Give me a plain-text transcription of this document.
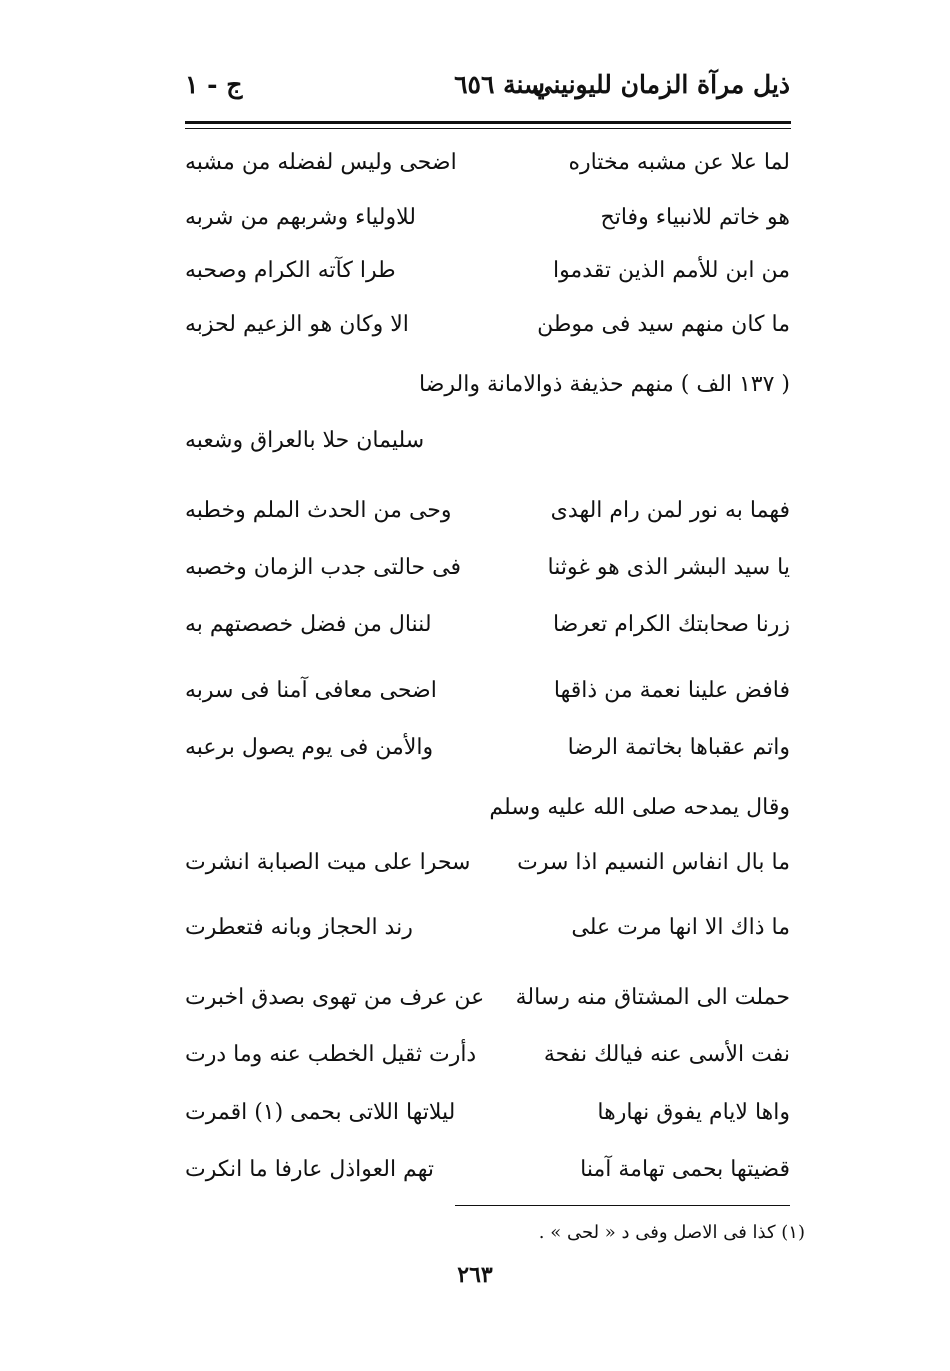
ذيل مرآة الزمان لليونيني
سنة ٦٥٦
ج - ١
لما علا عن مشبه مختاره
اضحى وليس لفضله من مشبه
هو خاتم للانبياء وفاتح
للاولياء وشربهم من شربه
من ابن للأمم الذين تقدموا
طرا كآته الكرام وصحبه
ما كان منهم سيد فى موطن
الا وكان هو الزعيم لحزبه
( ١٣٧ الف ) منهم حذيفة ذوالامانة والرضا
سليمان حلا بالعراق وشعبه
فهما به نور لمن رام الهدى
وحى من الحدث الملم وخطبه
يا سيد البشر الذى هو غوثنا
فى حالتى جدب الزمان وخصبه
زرنا صحابتك الكرام تعرضا
لننال من فضل خصصتهم به
فافض علينا نعمة من ذاقها
اضحى معافى آمنا فى سربه
واتم عقباها بخاتمة الرضا
والأمن فى يوم يصول برعبه
وقال يمدحه صلى الله عليه وسلم
ما بال انفاس النسيم اذا سرت
سحرا على ميت الصبابة انشرت
ما ذاك الا انها مرت على
رند الحجاز وبانه فتعطرت
حملت الى المشتاق منه رسالة
عن عرف من تهوى بصدق اخبرت
نفت الأسى عنه فيالك نفحة
دأرت ثقيل الخطب عنه وما درت
واها لايام يفوق نهارها
ليلاتها اللاتى بحمى (١) اقمرت
قضيتها بحمى تهامة آمنا
تهم العواذل عارفا ما انكرت
(١) كذا فى الاصل وفى د « لحى » .
٢٦٣
